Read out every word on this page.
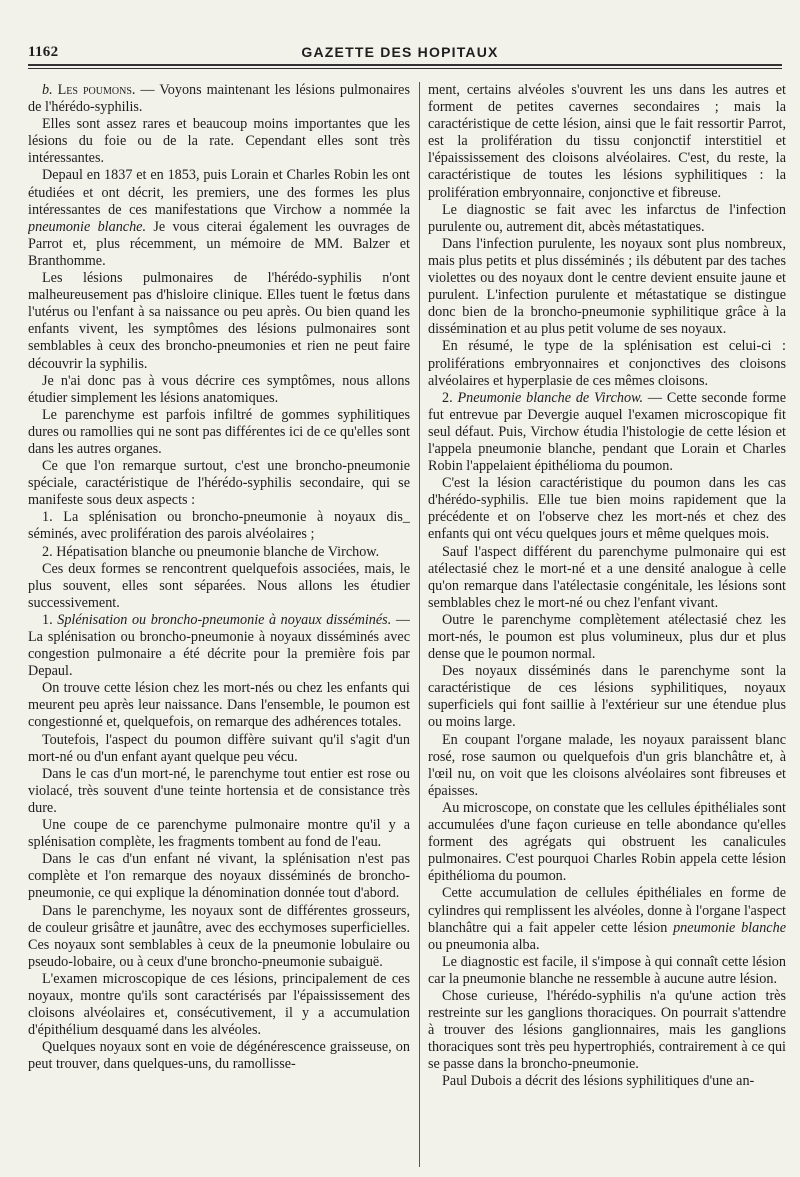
1162	GAZETTE DES HOPITAUX

b. Les poumons. — Voyons maintenant les lésions pulmonaires de l'hérédo-syphilis.

Elles sont assez rares et beaucoup moins importantes que les lésions du foie ou de la rate. Cependant elles sont très intéressantes.

Depaul en 1837 et en 1853, puis Lorain et Charles Robin les ont étudiées et ont décrit, les premiers, une des formes les plus intéressantes de ces manifestations que Virchow a nommée la pneumonie blanche. Je vous citerai également les ouvrages de Parrot et, plus récemment, un mémoire de MM. Balzer et Branthomme.

Les lésions pulmonaires de l'hérédo-syphilis n'ont malheureusement pas d'hisloire clinique. Elles tuent le fœtus dans l'utérus ou l'enfant à sa naissance ou peu après. Ou bien quand les enfants vivent, les symptômes des lésions pulmonaires sont semblables à ceux des broncho-pneumonies et rien ne peut faire découvrir la syphilis.

Je n'ai donc pas à vous décrire ces symptômes, nous allons étudier simplement les lésions anatomiques.

Le parenchyme est parfois infiltré de gommes syphilitiques dures ou ramollies qui ne sont pas différentes ici de ce qu'elles sont dans les autres organes.

Ce que l'on remarque surtout, c'est une broncho-pneumonie spéciale, caractéristique de l'hérédo-syphilis secondaire, qui se manifeste sous deux aspects :

1. La splénisation ou broncho-pneumonie à noyaux dis_ séminés, avec prolifération des parois alvéolaires ;

2. Hépatisation blanche ou pneumonie blanche de Virchow.

Ces deux formes se rencontrent quelquefois associées, mais, le plus souvent, elles sont séparées. Nous allons les étudier successivement.

1. Splénisation ou broncho-pneumonie à noyaux disséminés. — La splénisation ou broncho-pneumonie à noyaux disséminés avec congestion pulmonaire a été décrite pour la première fois par Depaul.

On trouve cette lésion chez les mort-nés ou chez les enfants qui meurent peu après leur naissance. Dans l'ensemble, le poumon est congestionné et, quelquefois, on remarque des adhérences totales.

Toutefois, l'aspect du poumon diffère suivant qu'il s'agit d'un mort-né ou d'un enfant ayant quelque peu vécu.

Dans le cas d'un mort-né, le parenchyme tout entier est rose ou violacé, très souvent d'une teinte hortensia et de consistance très dure.

Une coupe de ce parenchyme pulmonaire montre qu'il y a splénisation complète, les fragments tombent au fond de l'eau.

Dans le cas d'un enfant né vivant, la splénisation n'est pas complète et l'on remarque des noyaux disséminés de broncho-pneumonie, ce qui explique la dénomination donnée tout d'abord.

Dans le parenchyme, les noyaux sont de différentes grosseurs, de couleur grisâtre et jaunâtre, avec des ecchymoses superficielles. Ces noyaux sont semblables à ceux de la pneumonie lobulaire ou pseudo-lobaire, ou à ceux d'une broncho-pneumonie subaiguë.

L'examen microscopique de ces lésions, principalement de ces noyaux, montre qu'ils sont caractérisés par l'épaississement des cloisons alvéolaires et, consécutivement, il y a accumulation d'épithélium desquamé dans les alvéoles.

Quelques noyaux sont en voie de dégénérescence graisseuse, on peut trouver, dans quelques-uns, du ramollisse-

ment, certains alvéoles s'ouvrent les uns dans les autres et forment de petites cavernes secondaires ; mais la caractéristique de cette lésion, ainsi que le fait ressortir Parrot, est la prolifération du tissu conjonctif interstitiel et l'épaississement des cloisons alvéolaires. C'est, du reste, la caractéristique de toutes les lésions syphilitiques : la prolifération embryonnaire, conjonctive et fibreuse.

Le diagnostic se fait avec les infarctus de l'infection purulente ou, autrement dit, abcès métastatiques.

Dans l'infection purulente, les noyaux sont plus nombreux, mais plus petits et plus disséminés ; ils débutent par des taches violettes ou des noyaux dont le centre devient ensuite jaune et purulent. L'infection purulente et métastatique se distingue donc bien de la broncho-pneumonie syphilitique grâce à la dissémination et au plus petit volume de ses noyaux.

En résumé, le type de la splénisation est celui-ci : proliférations embryonnaires et conjonctives des cloisons alvéolaires et hyperplasie de ces mêmes cloisons.

2. Pneumonie blanche de Virchow. — Cette seconde forme fut entrevue par Devergie auquel l'examen microscopique fit seul défaut. Puis, Virchow étudia l'histologie de cette lésion et l'appela pneumonie blanche, pendant que Lorain et Charles Robin l'appelaient épithélioma du poumon.

C'est la lésion caractéristique du poumon dans les cas d'hérédo-syphilis. Elle tue bien moins rapidement que la précédente et on l'observe chez les mort-nés et chez des enfants qui ont vécu quelques jours et même quelques mois.

Sauf l'aspect différent du parenchyme pulmonaire qui est atélectasié chez le mort-né et a une densité analogue à celle qu'on remarque dans l'atélectasie congénitale, les lésions sont semblables chez le mort-né ou chez l'enfant vivant.

Outre le parenchyme complètement atélectasié chez les mort-nés, le poumon est plus volumineux, plus dur et plus dense que le poumon normal.

Des noyaux disséminés dans le parenchyme sont la caractéristique de ces lésions syphilitiques, noyaux superficiels qui font saillie à l'extérieur sur une étendue plus ou moins large.

En coupant l'organe malade, les noyaux paraissent blanc rosé, rose saumon ou quelquefois d'un gris blanchâtre et, à l'œil nu, on voit que les cloisons alvéolaires sont fibreuses et épaisses.

Au microscope, on constate que les cellules épithéliales sont accumulées d'une façon curieuse en telle abondance qu'elles forment des agrégats qui obstruent les canalicules pulmonaires. C'est pourquoi Charles Robin appela cette lésion épithélioma du poumon.

Cette accumulation de cellules épithéliales en forme de cylindres qui remplissent les alvéoles, donne à l'organe l'aspect blanchâtre qui a fait appeler cette lésion pneumonie blanche ou pneumonia alba.

Le diagnostic est facile, il s'impose à qui connaît cette lésion car la pneumonie blanche ne ressemble à aucune autre lésion.

Chose curieuse, l'hérédo-syphilis n'a qu'une action très restreinte sur les ganglions thoraciques. On pourrait s'attendre à trouver des lésions ganglionnaires, mais les ganglions thoraciques sont très peu hypertrophiés, contrairement à ce qui se passe dans la broncho-pneumonie.

Paul Dubois a décrit des lésions syphilitiques d'une an-
